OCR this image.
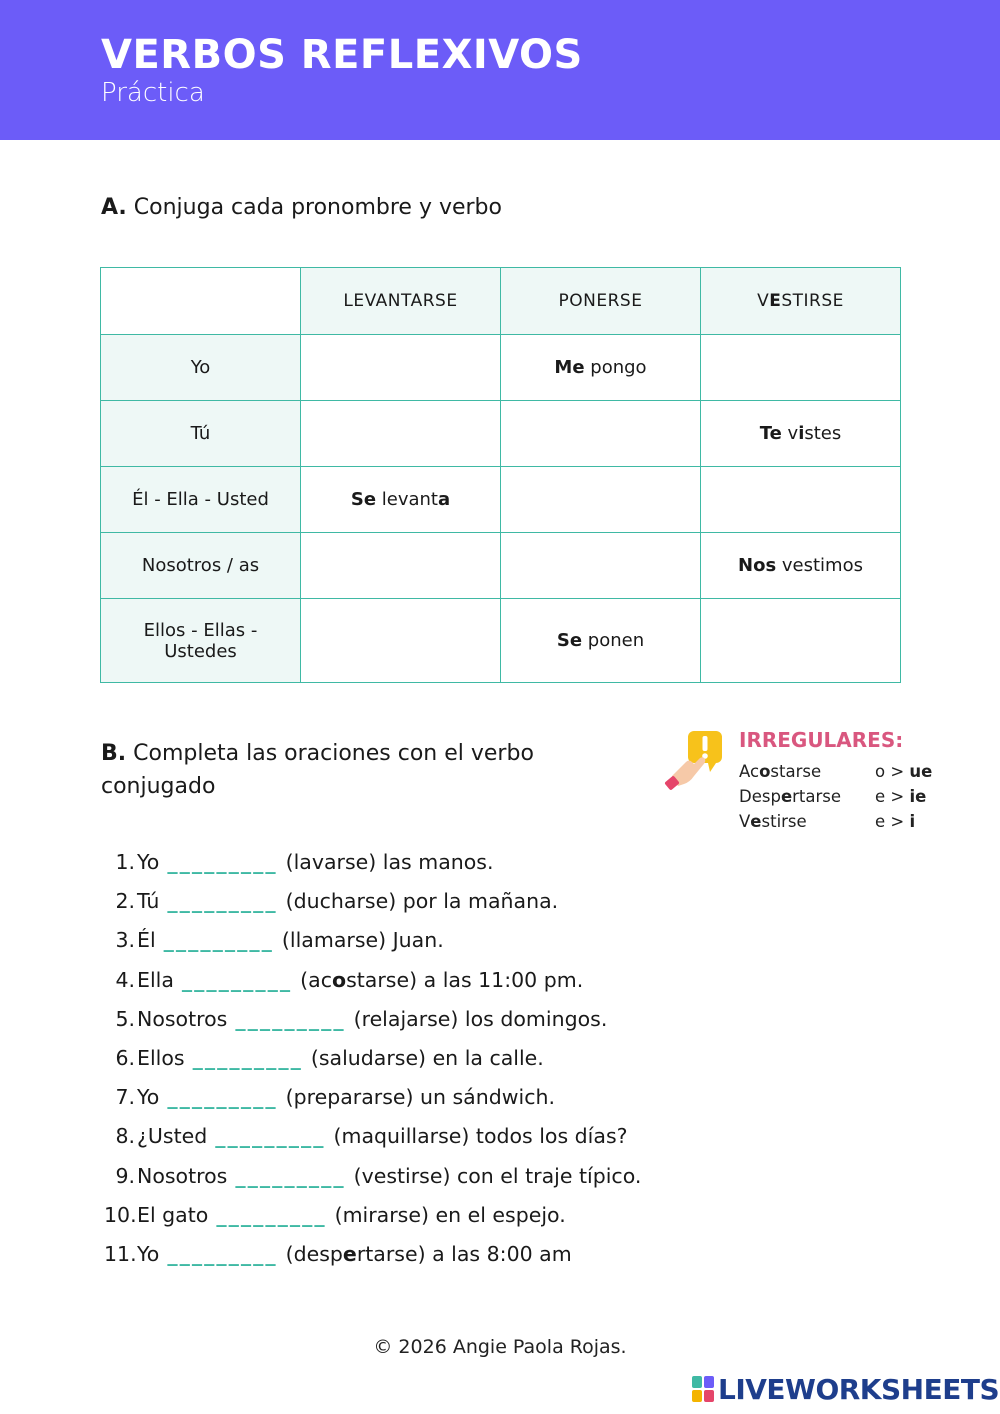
VERBOS REFLEXIVOS
Práctica
A. Conjuga cada pronombre y verbo
	LEVANTARSE	PONERSE	VESTIRSE
Yo		Me pongo	
Tú			Te vistes
Él - Ella - Usted	Se levanta		
Nosotros / as			Nos vestimos
Ellos - Ellas -
Ustedes		Se ponen	
B. Completa las oraciones con el verbo conjugado
IRREGULARES:
Acostarse	o > ue
Despertarse e > ie
Vestirse	e > i
1. Yo _________ (lavarse) las manos.
2. Tú _________ (ducharse) por la mañana.
3. Él _________ (llamarse) Juan.
4. Ella _________ (ac o starse) a las 11:00 pm.
5. Nosotros _________ (relajarse) los domingos.
6. Ellos _________ (saludarse) en la calle.
7. Yo _________ (prepararse) un sándwich.
8. ¿Usted _________ (maquillarse) todos los días?
9. Nosotros _________ (vestirse) con el traje típico.
10. El gato _________ (mirarse) en el espejo.
11. Yo _________ (desp e rtarse) a las 8:00 am
© 2026 Angie Paola Rojas.
LIVEWORKSHEETS
